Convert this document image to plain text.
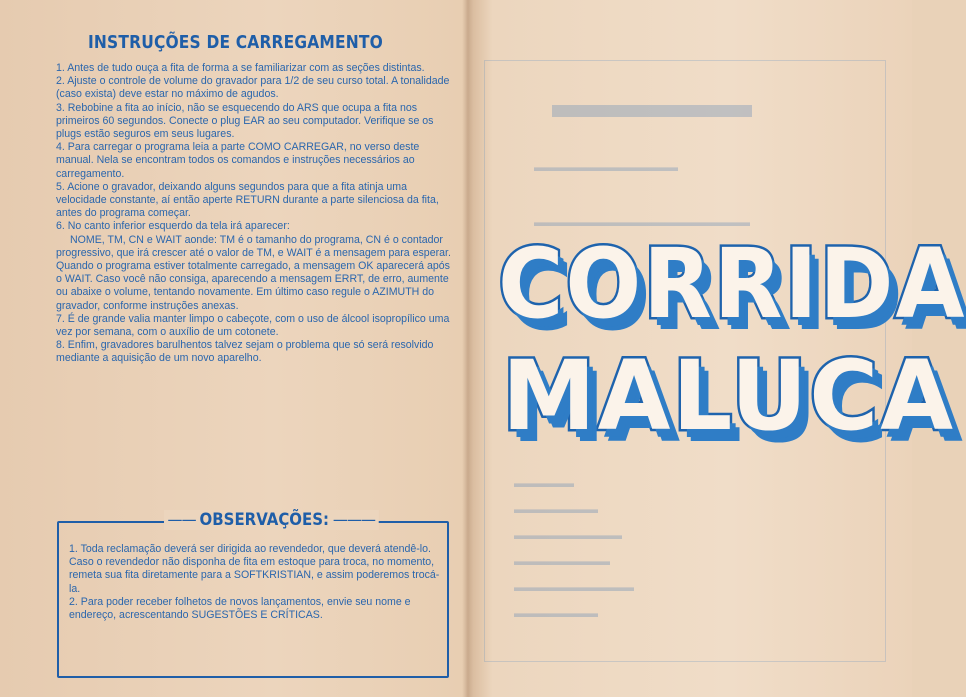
INSTRUÇÕES DE CARREGAMENTO

1. Antes de tudo ouça a fita de forma a se familiarizar com as seções distintas.

2. Ajuste o controle de volume do gravador para 1/2 de seu curso total. A tonalidade (caso exista) deve estar no máximo de agudos.

3. Rebobine a fita ao início, não se esquecendo do ARS que ocupa a fita nos primeiros 60 segundos. Conecte o plug EAR ao seu computador. Verifique se os plugs estão seguros em seus lugares.

4. Para carregar o programa leia a parte COMO CARREGAR, no verso deste manual. Nela se encontram todos os comandos e instruções necessários ao carregamento.

5. Acione o gravador, deixando alguns segundos para que a fita atinja uma velocidade constante, aí então aperte RETURN durante a parte silenciosa da fita, antes do programa começar.

6. No canto inferior esquerdo da tela irá aparecer:

NOME, TM, CN e WAIT aonde: TM é o tamanho do programa, CN é o contador progressivo, que irá crescer até o valor de TM, e WAIT é a mensagem para esperar. Quando o programa estiver totalmente carregado, a mensagem OK aparecerá após o WAIT. Caso você não consiga, aparecendo a mensagem ERRT, de erro, aumente ou abaixe o volume, tentando novamente. Em último caso regule o AZIMUTH do gravador, conforme instruções anexas.

7. É de grande valia manter limpo o cabeçote, com o uso de álcool isopropílico uma vez por semana, com o auxílio de um cotonete.

8. Enfim, gravadores barulhentos talvez sejam o problema que só será resolvido mediante a aquisição de um novo aparelho.

—— OBSERVAÇÕES: ———

1. Toda reclamação deverá ser dirigida ao revendedor, que deverá atendê-lo. Caso o revendedor não disponha de fita em estoque para troca, no momento, remeta sua fita diretamente para a SOFTKRISTIAN, e assim poderemos trocá-la.

2. Para poder receber folhetos de novos lançamentos, envie seu nome e endereço, acrescentando SUGESTÕES E CRÍTICAS.

▬▬▬▬▬
▬▬▬▬▬▬▬▬▬▬▬▬
▬▬▬▬▬▬▬▬▬▬▬▬▬▬▬▬▬▬
▬▬▬▬▬
▬▬▬▬▬▬▬
▬▬▬▬▬▬▬▬▬
▬▬▬▬▬▬▬▬
▬▬▬▬▬▬▬▬▬▬
▬▬▬▬▬▬▬
CORRIDA
MALUCA
